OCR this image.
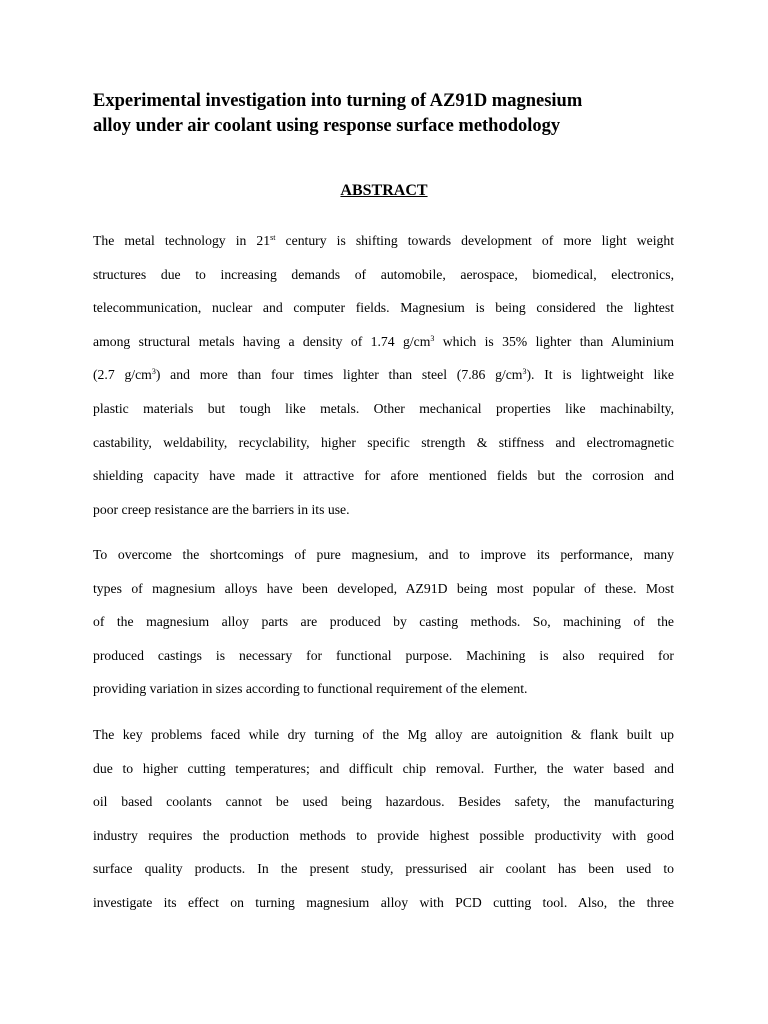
Experimental investigation into turning of AZ91D magnesium
alloy under air coolant using response surface methodology
ABSTRACT
The metal technology in 21st century is shifting towards development of more light weight
structures due to increasing demands of automobile, aerospace, biomedical, electronics,
telecommunication, nuclear and computer fields. Magnesium is being considered the lightest
among structural metals having a density of 1.74 $g/cm^3$ which is 35% lighter than Aluminium
(2.7 $g/cm^3$) and more than four times lighter than steel (7.86 $g/cm^3$). It is lightweight like
plastic materials but tough like metals. Other mechanical properties like machinabilty,
castability, weldability, recyclability, higher specific strength & stiffness and electromagnetic
shielding capacity have made it attractive for afore mentioned fields but the corrosion and
poor creep resistance are the barriers in its use.
To overcome the shortcomings of pure magnesium, and to improve its performance, many
types of magnesium alloys have been developed, AZ91D being most popular of these. Most
of the magnesium alloy parts are produced by casting methods. So, machining of the
produced castings is necessary for functional purpose. Machining is also required for
providing variation in sizes according to functional requirement of the element.
The key problems faced while dry turning of the Mg alloy are autoignition & flank built up
due to higher cutting temperatures; and difficult chip removal. Further, the water based and
oil based coolants cannot be used being hazardous. Besides safety, the manufacturing
industry requires the production methods to provide highest possible productivity with good
surface quality products. In the present study, pressurised air coolant has been used to
investigate its effect on turning magnesium alloy with PCD cutting tool. Also, the three
